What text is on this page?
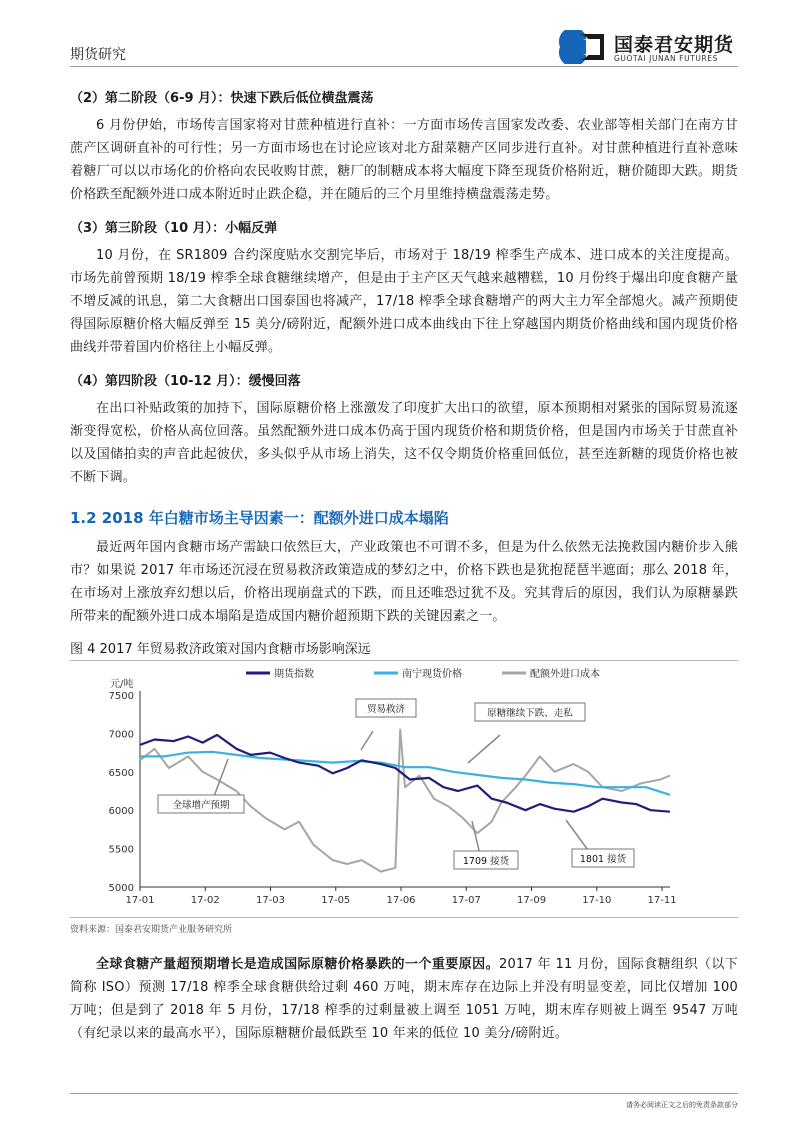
期货研究	国泰君安期货
GUOTAI JUNAN FUTURES
（2）第二阶段（6-9 月）：快速下跌后低位横盘震荡

6 月份伊始，市场传言国家将对甘蔗种植进行直补：一方面市场传言国家发改委、农业部等相关部门在南方甘蔗产区调研直补的可行性；另一方面市场也在讨论应该对北方甜菜糖产区同步进行直补。对甘蔗种植进行直补意味着糖厂可以以市场化的价格向农民收购甘蔗，糖厂的制糖成本将大幅度下降至现货价格附近，糖价随即大跌。期货价格跌至配额外进口成本附近时止跌企稳，并在随后的三个月里维持横盘震荡走势。

（3）第三阶段（10 月）：小幅反弹

10 月份，在 SR1809 合约深度贴水交割完毕后，市场对于 18/19 榨季生产成本、进口成本的关注度提高。市场先前曾预期 18/19 榨季全球食糖继续增产，但是由于主产区天气越来越糟糕，10 月份终于爆出印度食糖产量不增反减的讯息，第二大食糖出口国泰国也将减产，17/18 榨季全球食糖增产的两大主力军全部熄火。减产预期使得国际原糖价格大幅反弹至 15 美分/磅附近，配额外进口成本曲线由下往上穿越国内期货价格曲线和国内现货价格曲线并带着国内价格往上小幅反弹。

（4）第四阶段（10-12 月）：缓慢回落

在出口补贴政策的加持下，国际原糖价格上涨激发了印度扩大出口的欲望，原本预期相对紧张的国际贸易流逐渐变得宽松，价格从高位回落。虽然配额外进口成本仍高于国内现货价格和期货价格，但是国内市场关于甘蔗直补以及国储拍卖的声音此起彼伏，多头似乎从市场上消失，这不仅令期货价格重回低位，甚至连新糖的现货价格也被不断下调。

1.2 2018 年白糖市场主导因素一：配额外进口成本塌陷

最近两年国内食糖市场产需缺口依然巨大，产业政策也不可谓不多，但是为什么依然无法挽救国内糖价步入熊市？如果说 2017 年市场还沉浸在贸易救济政策造成的梦幻之中，价格下跌也是犹抱琵琶半遮面；那么 2018 年，在市场对上涨放弃幻想以后，价格出现崩盘式的下跌，而且还唯恐过犹不及。究其背后的原因，我们认为原糖暴跌所带来的配额外进口成本塌陷是造成国内糖价超预期下跌的关键因素之一。

图 4 2017 年贸易救济政策对国内食糖市场影响深远
元/吨
5000
5500
6000
6500
7000
7500
17-01	17-02	17-03	17-05	17-06	17-07	17-09	17-10	17-11
期货指数	南宁现货价格	配额外进口成本
贸易救济	原糖继续下跌、走私
全球增产预期
1709 接货	1801 接货
资料来源：国泰君安期货产业服务研究所

全球食糖产量超预期增长是造成国际原糖价格暴跌的一个重要原因。2017 年 11 月份，国际食糖组织（以下简称 ISO）预测 17/18 榨季全球食糖供给过剩 460 万吨，期末库存在边际上并没有明显变差，同比仅增加 100 万吨；但是到了 2018 年 5 月份，17/18 榨季的过剩量被上调至 1051 万吨，期末库存则被上调至 9547 万吨（有纪录以来的最高水平），国际原糖糖价最低跌至 10 年来的低位 10 美分/磅附近。

请务必阅读正文之后的免责条款部分
